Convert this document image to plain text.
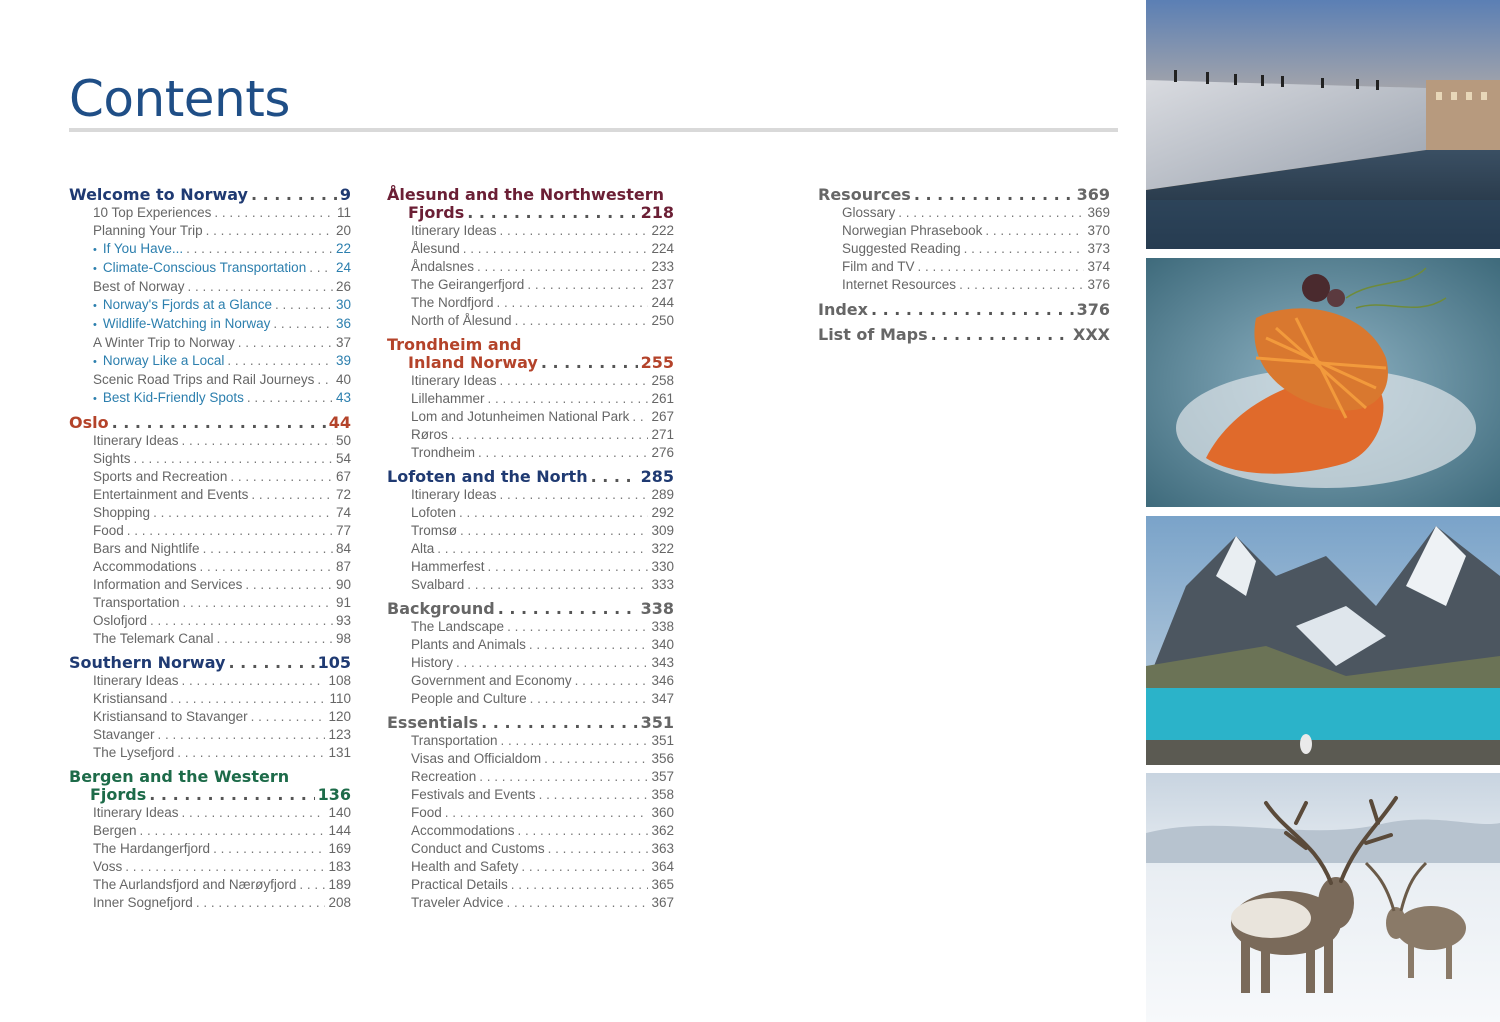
Contents
Welcome to Norway . . .	9
10 Top Experiences . . .	11
Planning Your Trip . . .	20
• If You Have... . . .	22
• Climate-Conscious Transportation . . . 24
Best of Norway . . .	26
• Norway's Fjords at a Glance . . .	30
• Wildlife-Watching in Norway . . .	36
A Winter Trip to Norway . . .	37
• Norway Like a Local . . .	39
Scenic Road Trips and Rail Journeys . . . 40
• Best Kid-Friendly Spots . . .	43
Oslo . . .	44
Itinerary Ideas . . .	50
Sights . . .	54
Sports and Recreation . . .	67
Entertainment and Events . . .	72
Shopping . . .	74
Food . . .	77
Bars and Nightlife . . .	84
Accommodations . . .	87
Information and Services . . .	90
Transportation . . .	91
Oslofjord . . .	93
The Telemark Canal . . .	98
Southern Norway . . .	105
Itinerary Ideas . . .	108
Kristiansand . . .	110
Kristiansand to Stavanger . . .	120
Stavanger . . .	123
The Lysefjord . . .	131
Bergen and the Western
Fjords . . .	136
Itinerary Ideas . . .	140
Bergen . . .	144
The Hardangerfjord . . .	169
Voss . . .	183
The Aurlandsfjord and Nærøyfjord . . . 189
Inner Sognefjord . . .	208
Ålesund and the Northwestern
Fjords . . .	218
Itinerary Ideas . . .	222
Ålesund . . .	224
Åndalsnes . . .	233
The Geirangerfjord . . .	237
The Nordfjord . . .	244
North of Ålesund . . .	250
Trondheim and
Inland Norway . . .	255
Itinerary Ideas . . .	258
Lillehammer . . .	261
Lom and Jotunheimen National Park . . . 267
Røros . . .	271
Trondheim . . .	276
Lofoten and the North . . .	285
Itinerary Ideas . . .	289
Lofoten . . .	292
Tromsø . . .	309
Alta . . .	322
Hammerfest . . .	330
Svalbard . . .	333
Background . . .	338
The Landscape . . .	338
Plants and Animals . . .	340
History . . .	343
Government and Economy . . .	346
People and Culture . . .	347
Essentials . . .	351
Transportation . . .	351
Visas and Officialdom . . .	356
Recreation . . .	357
Festivals and Events . . .	358
Food . . .	360
Accommodations . . .	362
Conduct and Customs . . .	363
Health and Safety . . .	364
Practical Details . . .	365
Traveler Advice . . .	367
Resources . . .	369
Glossary . . .	369
Norwegian Phrasebook . . .	370
Suggested Reading . . .	373
Film and TV . . .	374
Internet Resources . . .	376
Index . . .	376
List of Maps . . .	XXX
